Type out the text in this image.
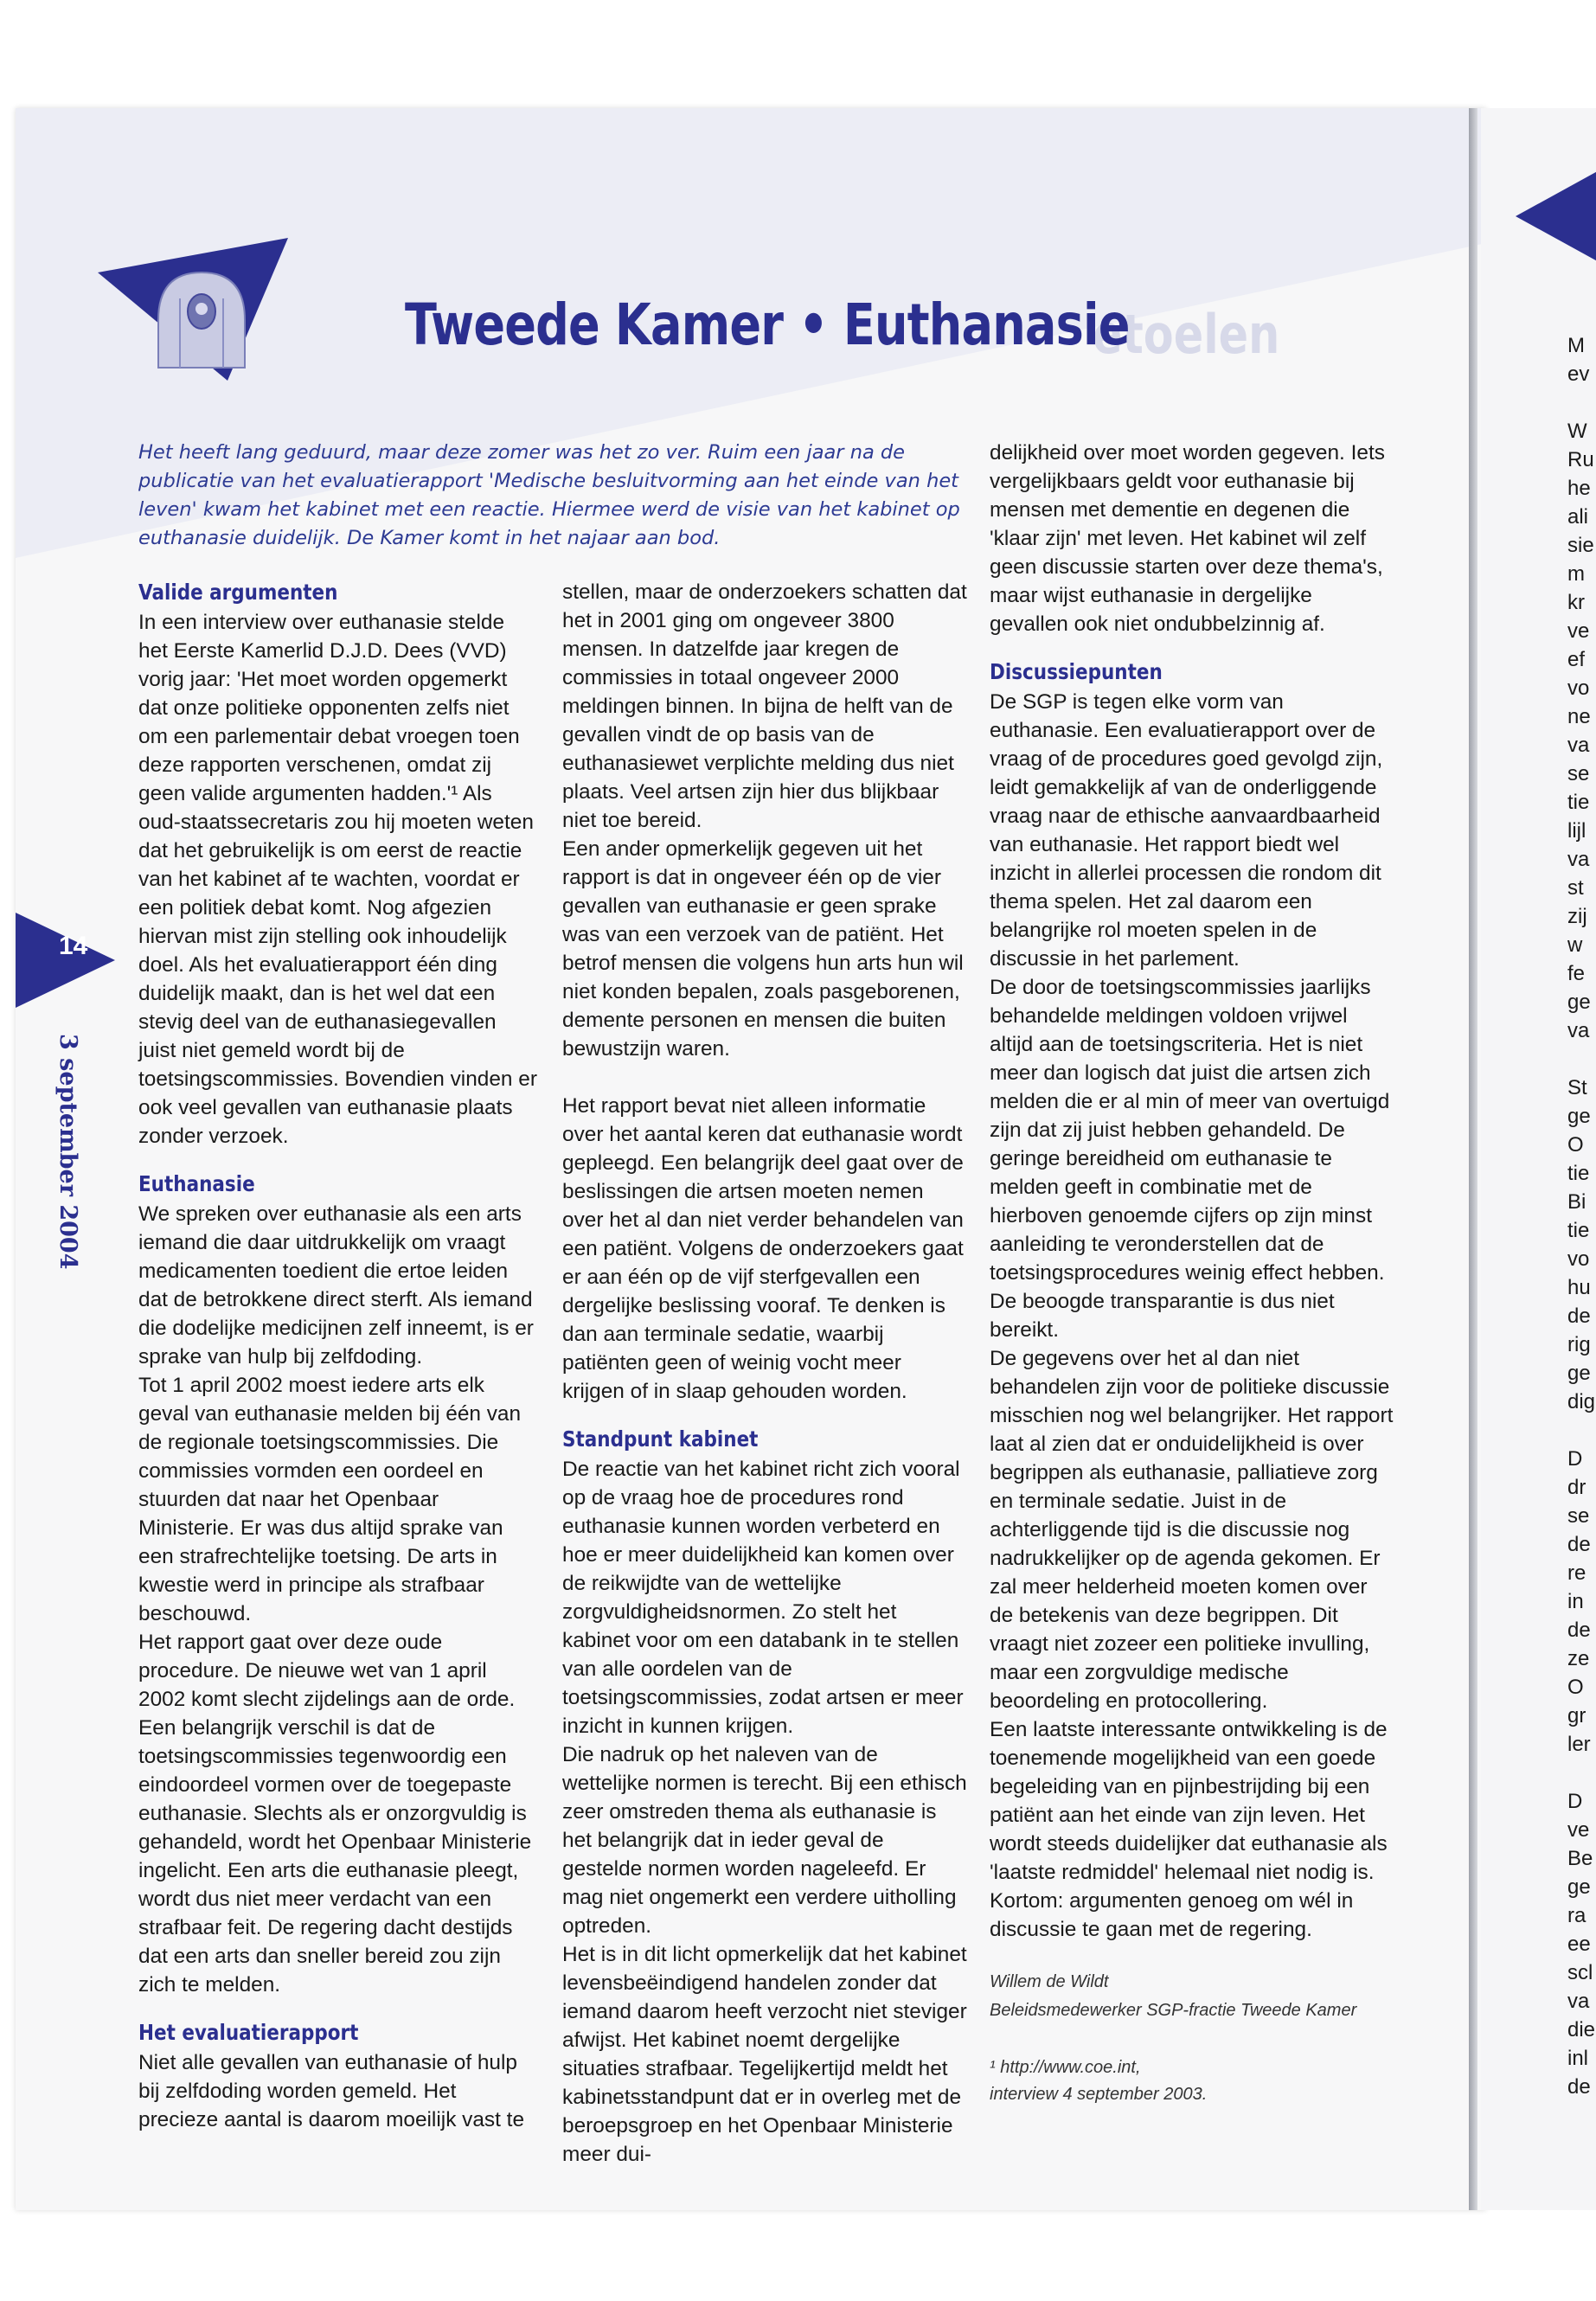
etoelen
Tweede Kamer • Euthanasie

Het heeft lang geduurd, maar deze zomer was het zo ver. Ruim een jaar na de publicatie van het evaluatierapport 'Medische besluitvorming aan het einde van het leven' kwam het kabinet met een reactie. Hiermee werd de visie van het kabinet op euthanasie duidelijk. De Kamer komt in het najaar aan bod.

Valide argumenten

In een interview over euthanasie stelde het Eerste Kamerlid D.J.D. Dees (VVD) vorig jaar: 'Het moet worden opgemerkt dat onze politieke opponenten zelfs niet om een parlementair debat vroegen toen deze rapporten verschenen, omdat zij geen valide argumenten hadden.'¹ Als oud-staatssecretaris zou hij moeten weten dat het gebruikelijk is om eerst de reactie van het kabinet af te wachten, voordat er een politiek debat komt. Nog afgezien hiervan mist zijn stelling ook inhoudelijk doel. Als het evaluatierapport één ding duidelijk maakt, dan is het wel dat een stevig deel van de euthanasiegevallen juist niet gemeld wordt bij de toetsingscommissies. Bovendien vinden er ook veel gevallen van euthanasie plaats zonder verzoek.

Euthanasie

We spreken over euthanasie als een arts iemand die daar uitdrukkelijk om vraagt medicamenten toedient die ertoe leiden dat de betrokkene direct sterft. Als iemand die dodelijke medicijnen zelf inneemt, is er sprake van hulp bij zelfdoding.

Tot 1 april 2002 moest iedere arts elk geval van euthanasie melden bij één van de regionale toetsingscommissies. Die commissies vormden een oordeel en stuurden dat naar het Openbaar Ministerie. Er was dus altijd sprake van een strafrechtelijke toetsing. De arts in kwestie werd in principe als strafbaar beschouwd.

Het rapport gaat over deze oude procedure. De nieuwe wet van 1 april 2002 komt slecht zijdelings aan de orde. Een belangrijk verschil is dat de toetsingscommissies tegenwoordig een eindoordeel vormen over de toegepaste euthanasie. Slechts als er onzorgvuldig is gehandeld, wordt het Openbaar Ministerie ingelicht. Een arts die euthanasie pleegt, wordt dus niet meer verdacht van een strafbaar feit. De regering dacht destijds dat een arts dan sneller bereid zou zijn zich te melden.

Het evaluatierapport

Niet alle gevallen van euthanasie of hulp bij zelfdoding worden gemeld. Het precieze aantal is daarom moeilijk vast te

stellen, maar de onderzoekers schatten dat het in 2001 ging om ongeveer 3800 mensen. In datzelfde jaar kregen de commissies in totaal ongeveer 2000 meldingen binnen. In bijna de helft van de gevallen vindt de op basis van de euthanasiewet verplichte melding dus niet plaats. Veel artsen zijn hier dus blijkbaar niet toe bereid.

Een ander opmerkelijk gegeven uit het rapport is dat in ongeveer één op de vier gevallen van euthanasie er geen sprake was van een verzoek van de patiënt. Het betrof mensen die volgens hun arts hun wil niet konden bepalen, zoals pasgeborenen, demente personen en mensen die buiten bewustzijn waren.

Het rapport bevat niet alleen informatie over het aantal keren dat euthanasie wordt gepleegd. Een belangrijk deel gaat over de beslissingen die artsen moeten nemen over het al dan niet verder behandelen van een patiënt. Volgens de onderzoekers gaat er aan één op de vijf sterfgevallen een dergelijke beslissing vooraf. Te denken is dan aan terminale sedatie, waarbij patiënten geen of weinig vocht meer krijgen of in slaap gehouden worden.

Standpunt kabinet

De reactie van het kabinet richt zich vooral op de vraag hoe de procedures rond euthanasie kunnen worden verbeterd en hoe er meer duidelijkheid kan komen over de reikwijdte van de wettelijke zorgvuldigheidsnormen. Zo stelt het kabinet voor om een databank in te stellen van alle oordelen van de toetsingscommissies, zodat artsen er meer inzicht in kunnen krijgen.

Die nadruk op het naleven van de wettelijke normen is terecht. Bij een ethisch zeer omstreden thema als euthanasie is het belangrijk dat in ieder geval de gestelde normen worden nageleefd. Er mag niet ongemerkt een verdere uitholling optreden.

Het is in dit licht opmerkelijk dat het kabinet levensbeëindigend handelen zonder dat iemand daarom heeft verzocht niet steviger afwijst. Het kabinet noemt dergelijke situaties strafbaar. Tegelijkertijd meldt het kabinetsstandpunt dat er in overleg met de beroepsgroep en het Openbaar Ministerie meer dui-

delijkheid over moet worden gegeven. Iets vergelijkbaars geldt voor euthanasie bij mensen met dementie en degenen die 'klaar zijn' met leven. Het kabinet wil zelf geen discussie starten over deze thema's, maar wijst euthanasie in dergelijke gevallen ook niet ondubbelzinnig af.

Discussiepunten

De SGP is tegen elke vorm van euthanasie. Een evaluatierapport over de vraag of de procedures goed gevolgd zijn, leidt gemakkelijk af van de onderliggende vraag naar de ethische aanvaardbaarheid van euthanasie. Het rapport biedt wel inzicht in allerlei processen die rondom dit thema spelen. Het zal daarom een belangrijke rol moeten spelen in de discussie in het parlement.

De door de toetsingscommissies jaarlijks behandelde meldingen voldoen vrijwel altijd aan de toetsingscriteria. Het is niet meer dan logisch dat juist die artsen zich melden die er al min of meer van overtuigd zijn dat zij juist hebben gehandeld. De geringe bereidheid om euthanasie te melden geeft in combinatie met de hierboven genoemde cijfers op zijn minst aanleiding te veronderstellen dat de toetsingsprocedures weinig effect hebben. De beoogde transparantie is dus niet bereikt.

De gegevens over het al dan niet behandelen zijn voor de politieke discussie misschien nog wel belangrijker. Het rapport laat al zien dat er onduidelijkheid is over begrippen als euthanasie, palliatieve zorg en terminale sedatie. Juist in de achterliggende tijd is die discussie nog nadrukkelijker op de agenda gekomen. Er zal meer helderheid moeten komen over de betekenis van deze begrippen. Dit vraagt niet zozeer een politieke invulling, maar een zorgvuldige medische beoordeling en protocollering.

Een laatste interessante ontwikkeling is de toenemende mogelijkheid van een goede begeleiding van en pijnbestrijding bij een patiënt aan het einde van zijn leven. Het wordt steeds duidelijker dat euthanasie als 'laatste redmiddel' helemaal niet nodig is.

Kortom: argumenten genoeg om wél in discussie te gaan met de regering.

Willem de Wildt

Beleidsmedewerker SGP-fractie Tweede Kamer

¹ http://www.coe.int,

interview 4 september 2003.

14
3 september 2004
M
ev
W
Ru
he
ali
sie
m
kr
ve
ef
vo
ne
va
se
tie
lijl
va
st
zij
w
fe
ge
va
St
ge
O
tie
Bi
tie
vo
hu
de
rig
ge
dig
D
dr
se
de
re
in
de
ze
O
gr
ler
D
ve
Be
ge
ra
ee
scl
va
die
inl
de
